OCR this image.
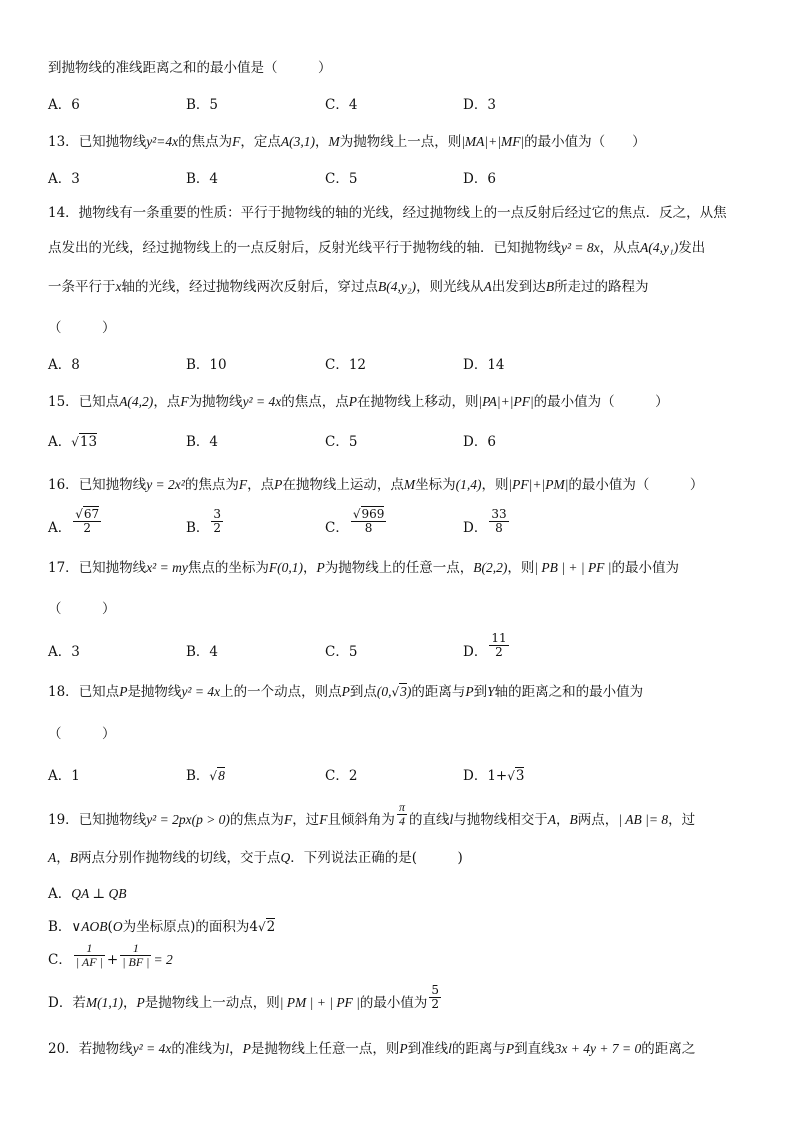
到抛物线的准线距离之和的最小值是（　　　）
A．6	B．5	C．4	D．3
13．已知抛物线y²=4x的焦点为F，定点A(3,1)，M为抛物线上一点，则|MA|+|MF|的最小值为（　　）
A．3	B．4	C．5	D．6
14．抛物线有一条重要的性质：平行于抛物线的轴的光线，经过抛物线上的一点反射后经过它的焦点．反之，从焦
点发出的光线，经过抛物线上的一点反射后，反射光线平行于抛物线的轴．已知抛物线y² = 8x，从点A(4,y₁)发出
一条平行于x轴的光线，经过抛物线两次反射后，穿过点B(4,y₂)，则光线从A出发到达B所走过的路程为
（　　　）
A．8	B．10	C．12	D．14
15．已知点A(4,2)，点F为抛物线y² = 4x的焦点，点P在抛物线上移动，则|PA|+|PF|的最小值为（　　　）
A．√13	B．4	C．5	D．6
16．已知抛物线y = 2x²的焦点为F，点P在抛物线上运动，点M坐标为(1,4)，则|PF|+|PM|的最小值为（　　　）
A． $\frac{√67}{2}$	B． $\frac{3}{2}$	C． $\frac{√969}{8}$	D． $\frac{33}{8}$
17．已知抛物线x² = my焦点的坐标为F(0,1)，P为抛物线上的任意一点，B(2,2)，则| PB | + | PF |的最小值为
（　　　）
A．3	B．4	C．5	D． $\frac{11}{2}$
18．已知点P是抛物线y² = 4x上的一个动点，则点P到点(0,√3)的距离与P到Y轴的距离之和的最小值为
（　　　）
A．1	B．√8	C．2	D．1+√3
19．已知抛物线y² = 2px(p > 0)的焦点为F，过F且倾斜角为 $\frac{\pi}{4}$ 的直线l与抛物线相交于A，B两点，| AB |= 8，过
A，B两点分别作抛物线的切线，交于点Q．下列说法正确的是(　　　)
A．QA ⊥ QB
B．∨AOB(O为坐标原点)的面积为4√2
C． $\frac{1}{| AF |} + \frac{1}{| BF |} = 2$
D．若M(1,1)，P是抛物线上一动点，则| PM | + | PF |的最小值为 $\frac{5}{2}$
20．若抛物线y² = 4x的准线为l，P是抛物线上任意一点，则P到准线l的距离与P到直线3x + 4y + 7 = 0的距离之
